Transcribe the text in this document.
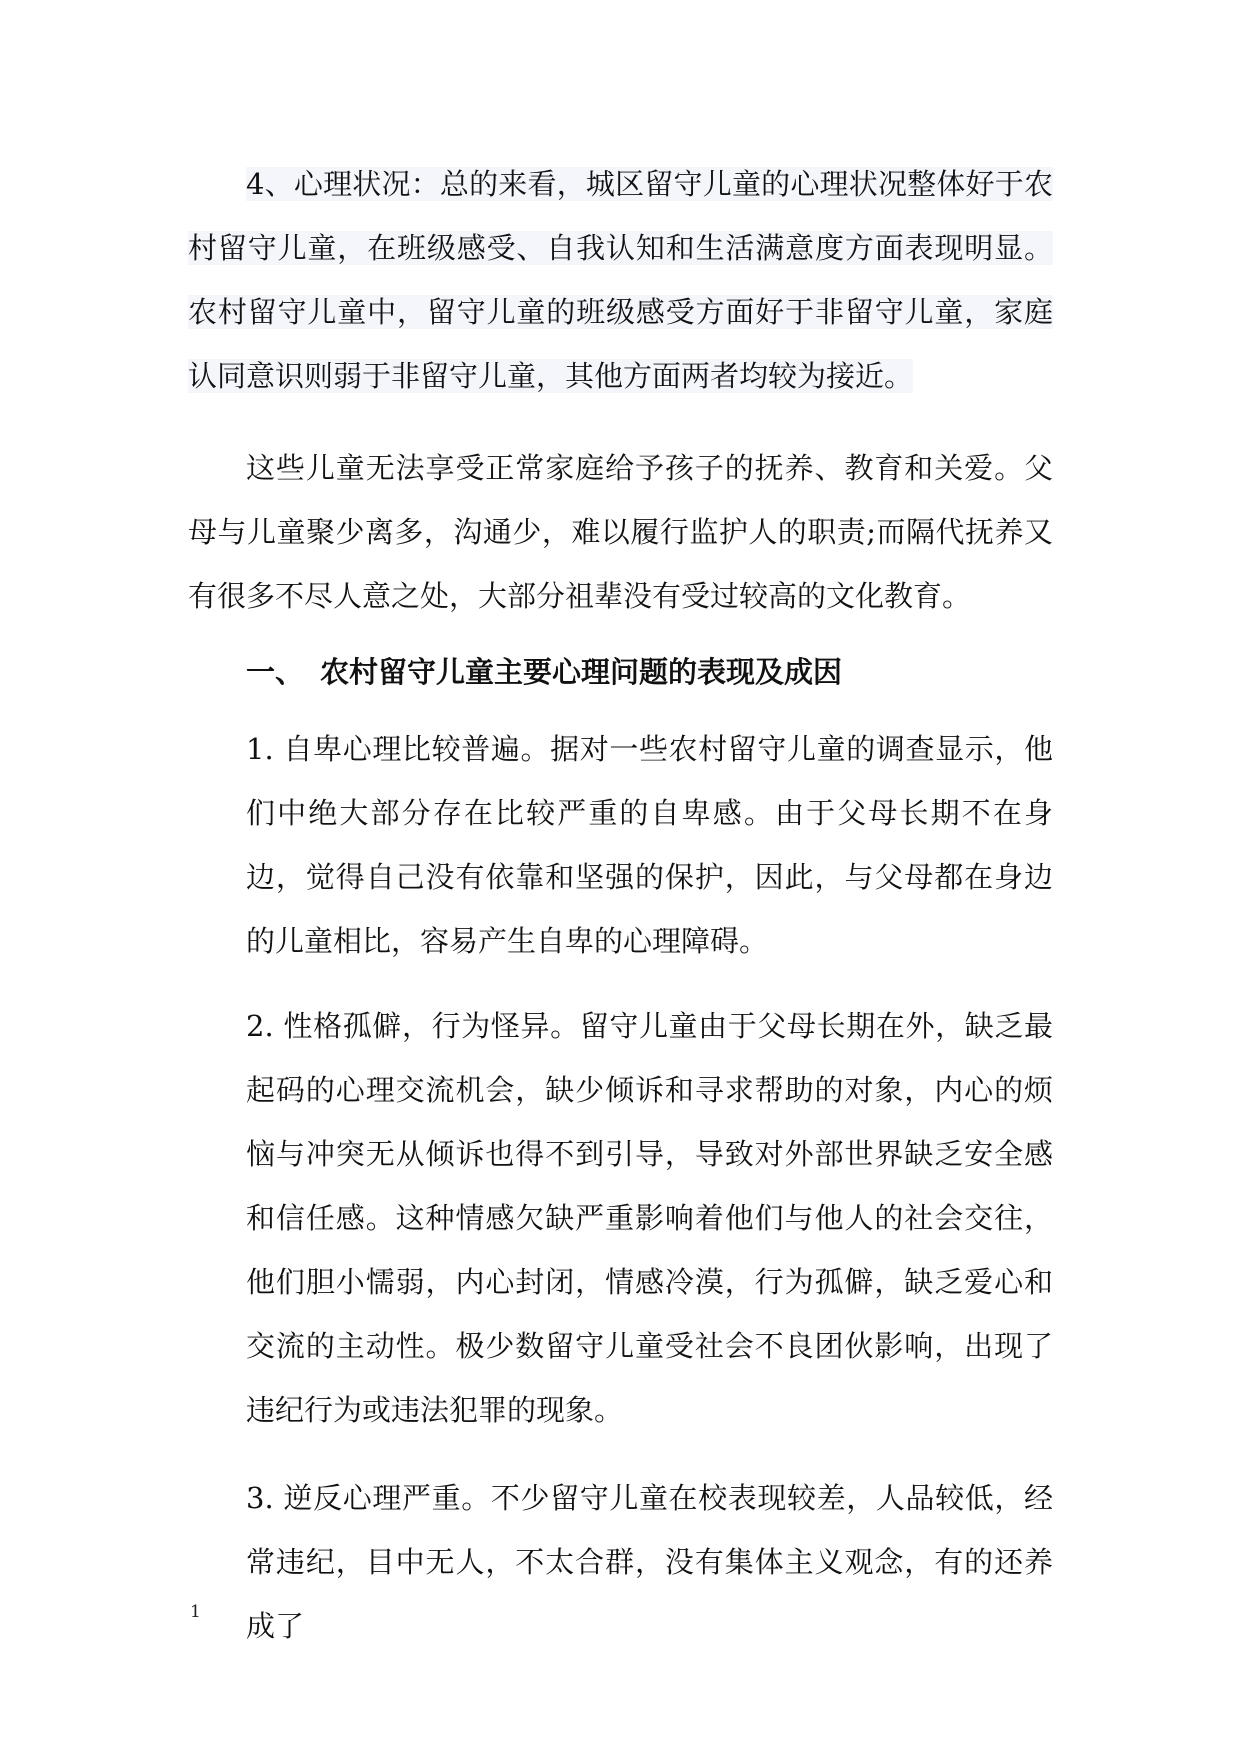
4、心理状况：总的来看，城区留守儿童的心理状况整体好于农村留守儿童，在班级感受、自我认知和生活满意度方面表现明显。农村留守儿童中，留守儿童的班级感受方面好于非留守儿童，家庭认同意识则弱于非留守儿童，其他方面两者均较为接近。

这些儿童无法享受正常家庭给予孩子的抚养、教育和关爱。父母与儿童聚少离多，沟通少，难以履行监护人的职责;而隔代抚养又有很多不尽人意之处，大部分祖辈没有受过较高的文化教育。

一、 农村留守儿童主要心理问题的表现及成因

1. 自卑心理比较普遍。据对一些农村留守儿童的调查显示，他们中绝大部分存在比较严重的自卑感。由于父母长期不在身边，觉得自己没有依靠和坚强的保护，因此，与父母都在身边的儿童相比，容易产生自卑的心理障碍。

2. 性格孤僻，行为怪异。留守儿童由于父母长期在外，缺乏最起码的心理交流机会，缺少倾诉和寻求帮助的对象，内心的烦恼与冲突无从倾诉也得不到引导，导致对外部世界缺乏安全感和信任感。这种情感欠缺严重影响着他们与他人的社会交往，他们胆小懦弱，内心封闭，情感冷漠，行为孤僻，缺乏爱心和交流的主动性。极少数留守儿童受社会不良团伙影响，出现了违纪行为或违法犯罪的现象。

3. 逆反心理严重。不少留守儿童在校表现较差，人品较低，经常违纪，目中无人，不太合群，没有集体主义观念，有的还养成了

1
